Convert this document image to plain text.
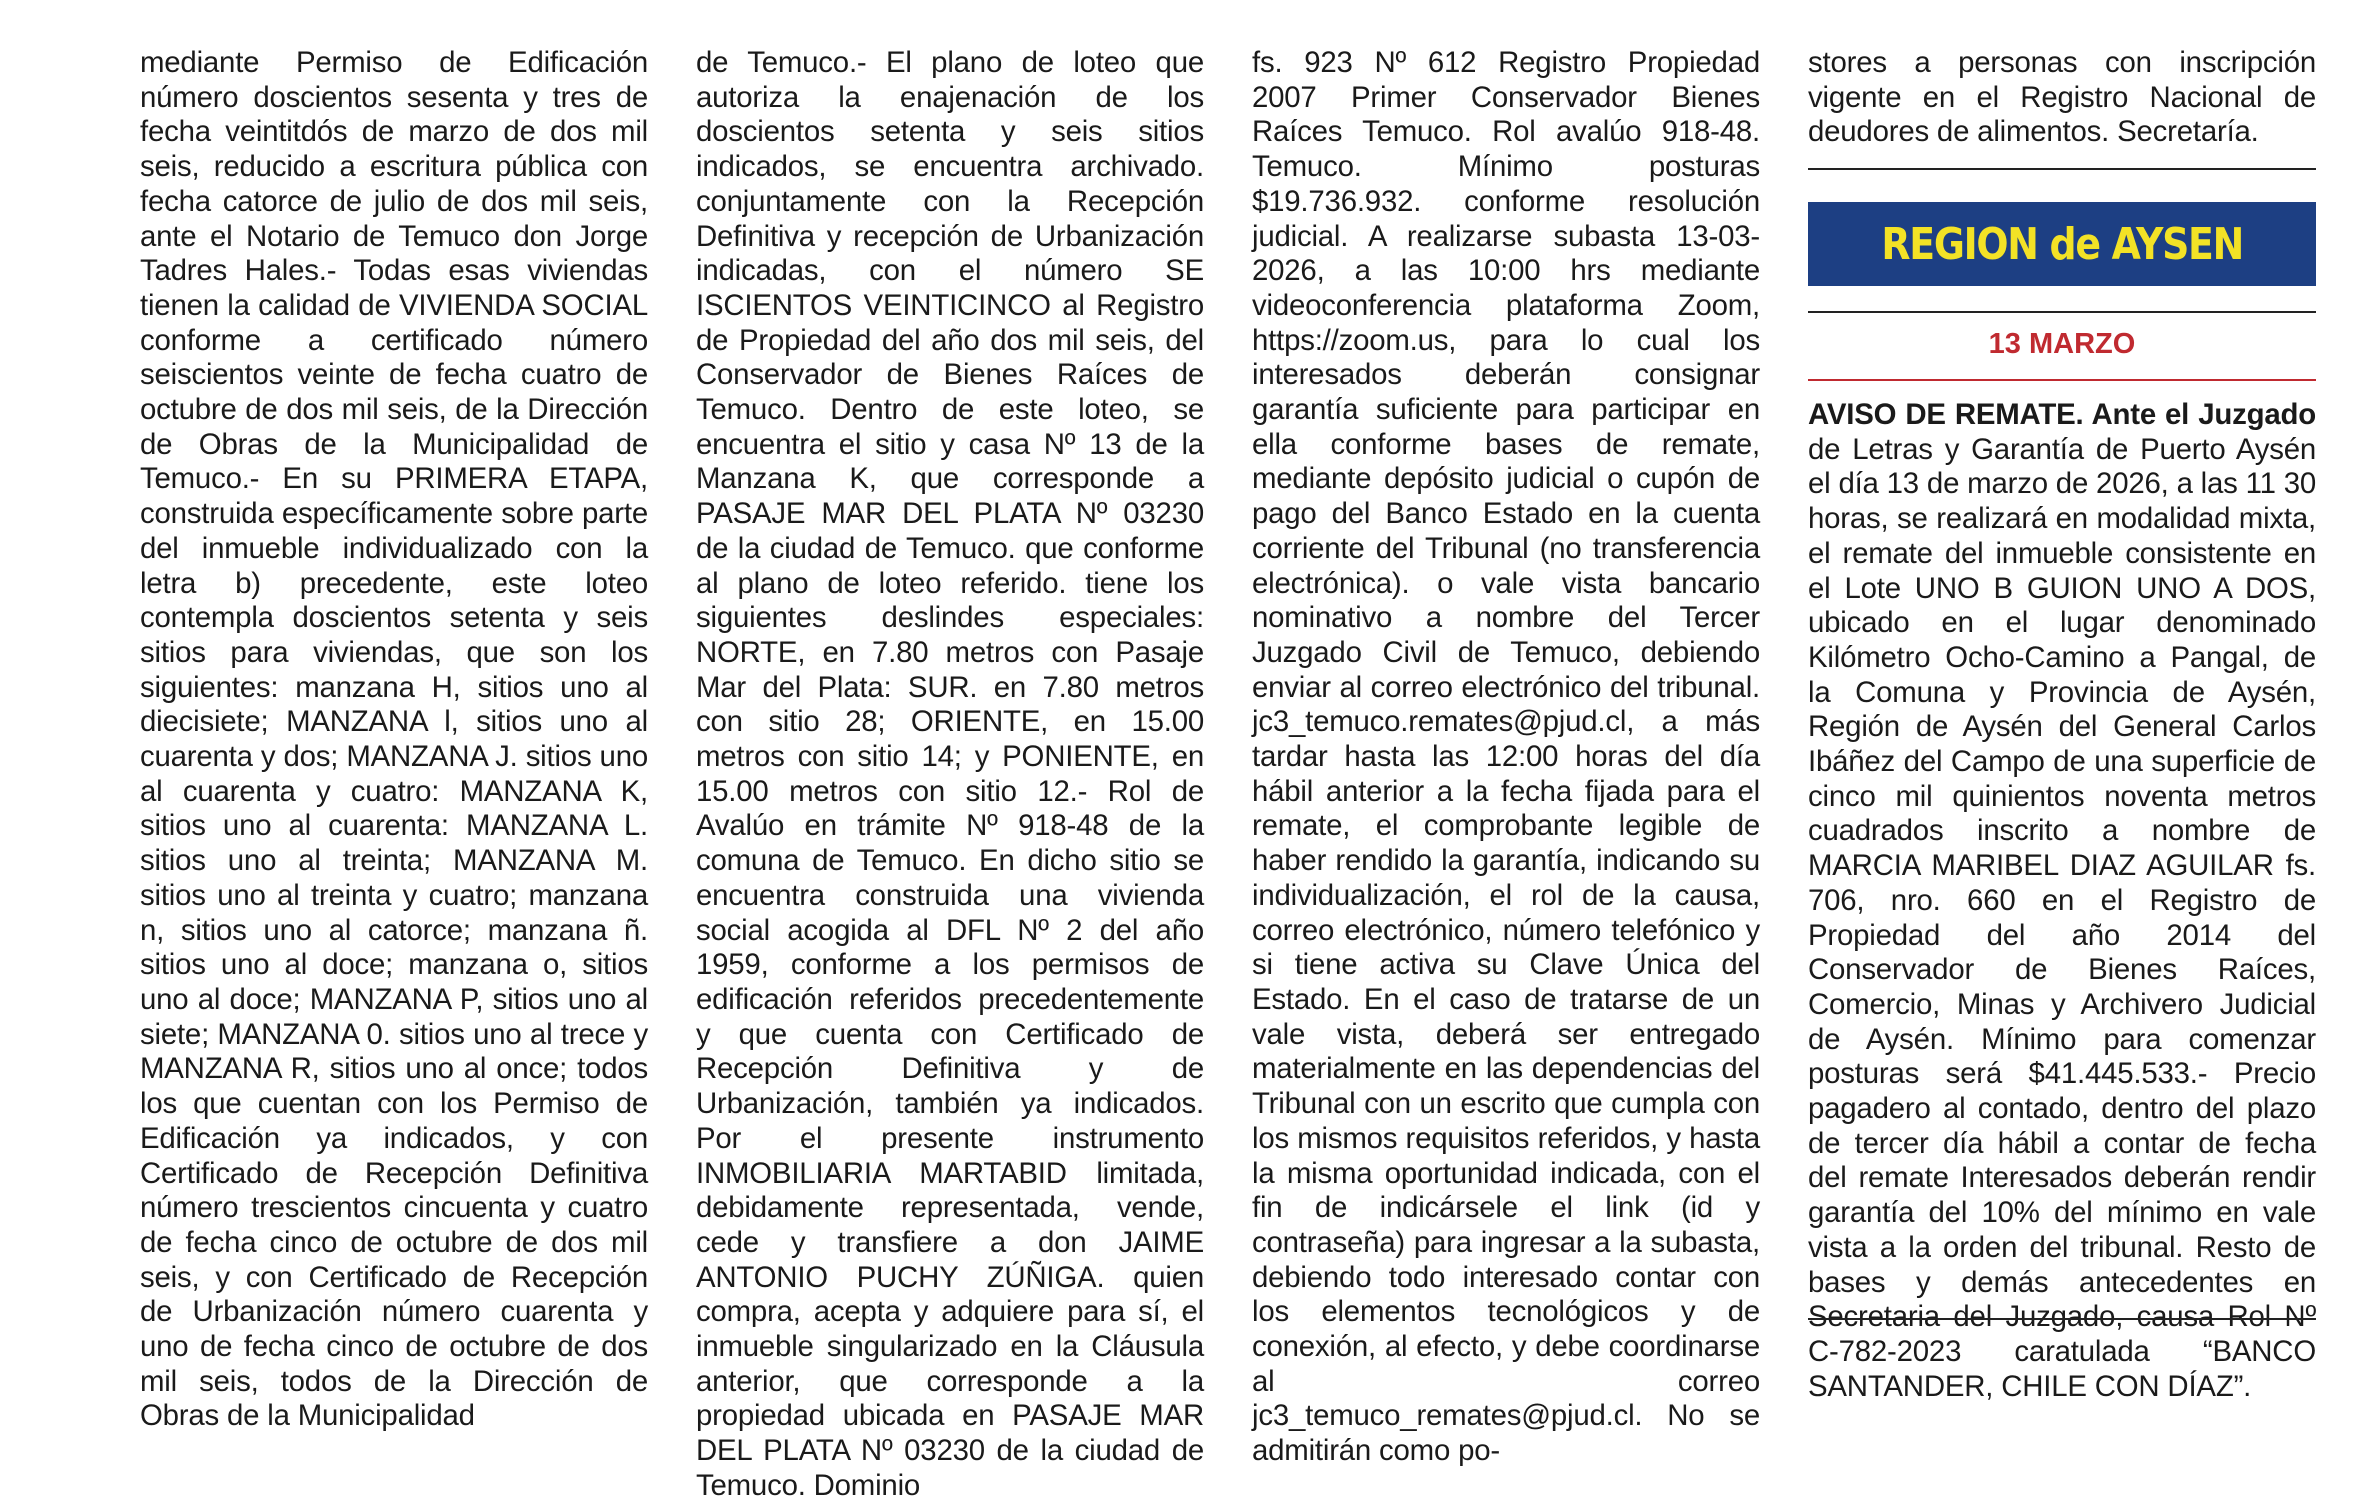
mediante Permiso de Edificación número doscientos sesenta y tres de fecha veintitdós de marzo de dos mil seis, reducido a escritura pública con fecha catorce de julio de dos mil seis, ante el Notario de Temuco don Jorge Tadres Hales.- Todas esas viviendas tienen la calidad de VIVIENDA SOCIAL conforme a certificado número seiscientos veinte de fecha cuatro de octubre de dos mil seis, de la Dirección de Obras de la Municipalidad de Temuco.- En su PRIMERA ETAPA, construida específicamente sobre parte del inmueble individualizado con la letra b) precedente, este loteo contempla doscientos setenta y seis sitios para viviendas, que son los siguientes: manzana H, sitios uno al diecisiete; MANZANA l, sitios uno al cuarenta y dos; MANZANA J. sitios uno al cuarenta y cuatro: MANZANA K, sitios uno al cuarenta: MANZANA L. sitios uno al treinta; MANZANA M. sitios uno al treinta y cuatro; manzana n, sitios uno al catorce; manzana ñ. sitios uno al doce; manzana o, sitios uno al doce; MANZANA P, sitios uno al siete; MANZANA 0. sitios uno al trece y MANZANA R, sitios uno al once; todos los que cuentan con los Permiso de Edificación ya indicados, y con Certificado de Recepción Definitiva número trescientos cincuenta y cuatro de fecha cinco de octubre de dos mil seis, y con Certificado de Recepción de Urbanización número cuarenta y uno de fecha cinco de octubre de dos mil seis, todos de la Dirección de Obras de la Municipalidad

de Temuco.- El plano de loteo que autoriza la enajenación de los doscientos setenta y seis sitios indicados, se encuentra archivado. conjuntamente con la Recepción Definitiva y recepción de Urbanización indicadas, con el número SE ISCIENTOS VEINTICINCO al Registro de Propiedad del año dos mil seis, del Conservador de Bienes Raíces de Temuco. Dentro de este loteo, se encuentra el sitio y casa Nº 13 de la Manzana K, que corresponde a PASAJE MAR DEL PLATA Nº 03230 de la ciudad de Temuco. que conforme al plano de loteo referido. tiene los siguientes deslindes especiales: NORTE, en 7.80 metros con Pasaje Mar del Plata: SUR. en 7.80 metros con sitio 28; ORIENTE, en 15.00 metros con sitio 14; y PONIENTE, en 15.00 metros con sitio 12.- Rol de Avalúo en trámite Nº 918-48 de la comuna de Temuco. En dicho sitio se encuentra construida una vivienda social acogida al DFL Nº 2 del año 1959, conforme a los permisos de edificación referidos precedentemente y que cuenta con Certificado de Recepción Definitiva y de Urbanización, también ya indicados. Por el presente instrumento INMOBILIARIA MARTABID limitada, debidamente representada, vende, cede y transfiere a don JAIME ANTONIO PUCHY ZÚÑIGA. quien compra, acepta y adquiere para sí, el inmueble singularizado en la Cláusula anterior, que corresponde a la propiedad ubicada en PASAJE MAR DEL PLATA Nº 03230 de la ciudad de Temuco. Dominio

fs. 923 Nº 612 Registro Propiedad 2007 Primer Conservador Bienes Raíces Temuco. Rol avalúo 918-48. Temuco. Mínimo posturas $19.736.932. conforme resolución judicial. A realizarse subasta 13-03-2026, a las 10:00 hrs mediante videoconferencia plataforma Zoom, https://zoom.us, para lo cual los interesados deberán consignar garantía suficiente para participar en ella conforme bases de remate, mediante depósito judicial o cupón de pago del Banco Estado en la cuenta corriente del Tribunal (no transferencia electrónica). o vale vista bancario nominativo a nombre del Tercer Juzgado Civil de Temuco, debiendo enviar al correo electrónico del tribunal. jc3_temuco.remates@pjud.cl, a más tardar hasta las 12:00 horas del día hábil anterior a la fecha fijada para el remate, el comprobante legible de haber rendido la garantía, indicando su individualización, el rol de la causa, correo electrónico, número telefónico y si tiene activa su Clave Única del Estado. En el caso de tratarse de un vale vista, deberá ser entregado materialmente en las dependencias del Tribunal con un escrito que cumpla con los mismos requisitos referidos, y hasta la misma oportunidad indicada, con el fin de indicársele el link (id y contraseña) para ingresar a la subasta, debiendo todo interesado contar con los elementos tecnológicos y de conexión, al efecto, y debe coordinarse al correo jc3_temuco_remates@pjud.cl. No se admitirán como po-

stores a personas con inscripción vigente en el Registro Nacional de deudores de alimentos. Secretaría.

REGION de AYSEN
13 MARZO

AVISO DE REMATE. Ante el Juzgado de Letras y Garantía de Puerto Aysén el día 13 de marzo de 2026, a las 11 30 horas, se realizará en modalidad mixta, el remate del inmueble consistente en el Lote UNO B GUION UNO A DOS, ubicado en el lugar denominado Kilómetro Ocho-Camino a Pangal, de la Comuna y Provincia de Aysén, Región de Aysén del General Carlos Ibáñez del Campo de una superficie de cinco mil quinientos noventa metros cuadrados inscrito a nombre de MARCIA MARIBEL DIAZ AGUILAR fs. 706, nro. 660 en el Registro de Propiedad del año 2014 del Conservador de Bienes Raíces, Comercio, Minas y Archivero Judicial de Aysén. Mínimo para comenzar posturas será $41.445.533.- Precio pagadero al contado, dentro del plazo de tercer día hábil a contar de fecha del remate Interesados deberán rendir garantía del 10% del mínimo en vale vista a la orden del tribunal. Resto de bases y demás antecedentes en Secretaria del Juzgado, causa Rol Nº C-782-2023 caratulada “BANCO SANTANDER, CHILE CON DÍAZ”.
